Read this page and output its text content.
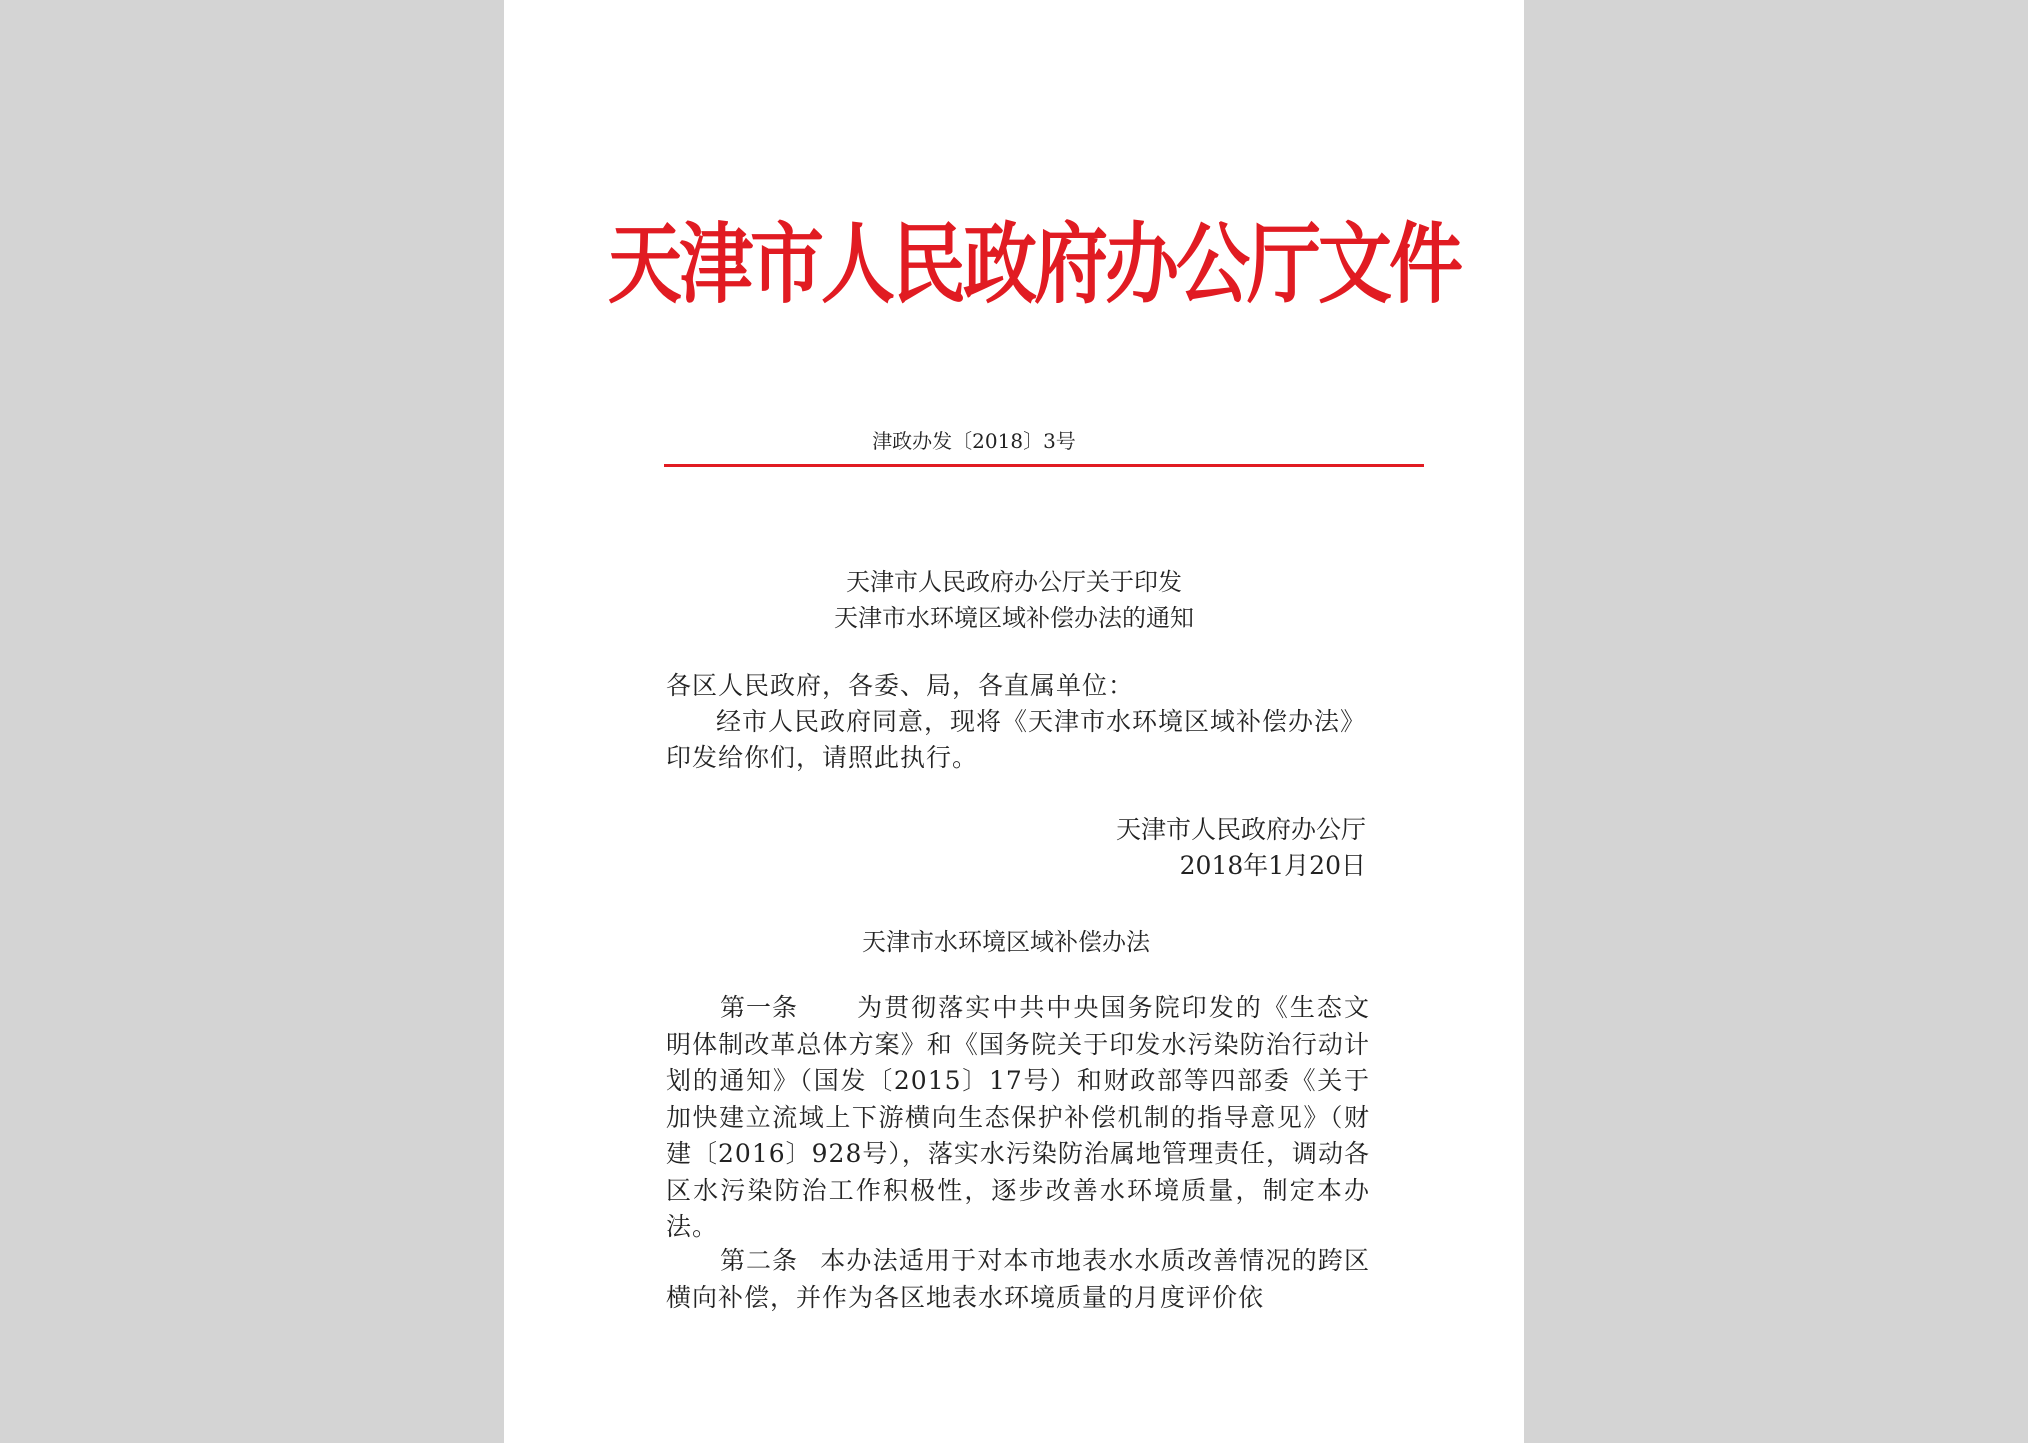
天津市人民政府办公厅文件
津政办发〔2018〕3号
天津市人民政府办公厅关于印发
天津市水环境区域补偿办法的通知
各区人民政府，各委、局，各直属单位：
经市人民政府同意，现将《天津市水环境区域补偿办法》印发给你们，请照此执行。
天津市人民政府办公厅
2018年1月20日
天津市水环境区域补偿办法
第一条 为贯彻落实中共中央国务院印发的《生态文明体制改革总体方案》和《国务院关于印发水污染防治行动计划的通知》（国发〔2015〕17号）和财政部等四部委《关于加快建立流域上下游横向生态保护补偿机制的指导意见》（财建〔2016〕928号），落实水污染防治属地管理责任，调动各区水污染防治工作积极性，逐步改善水环境质量，制定本办法。
第二条 本办法适用于对本市地表水水质改善情况的跨区横向补偿，并作为各区地表水环境质量的月度评价依
